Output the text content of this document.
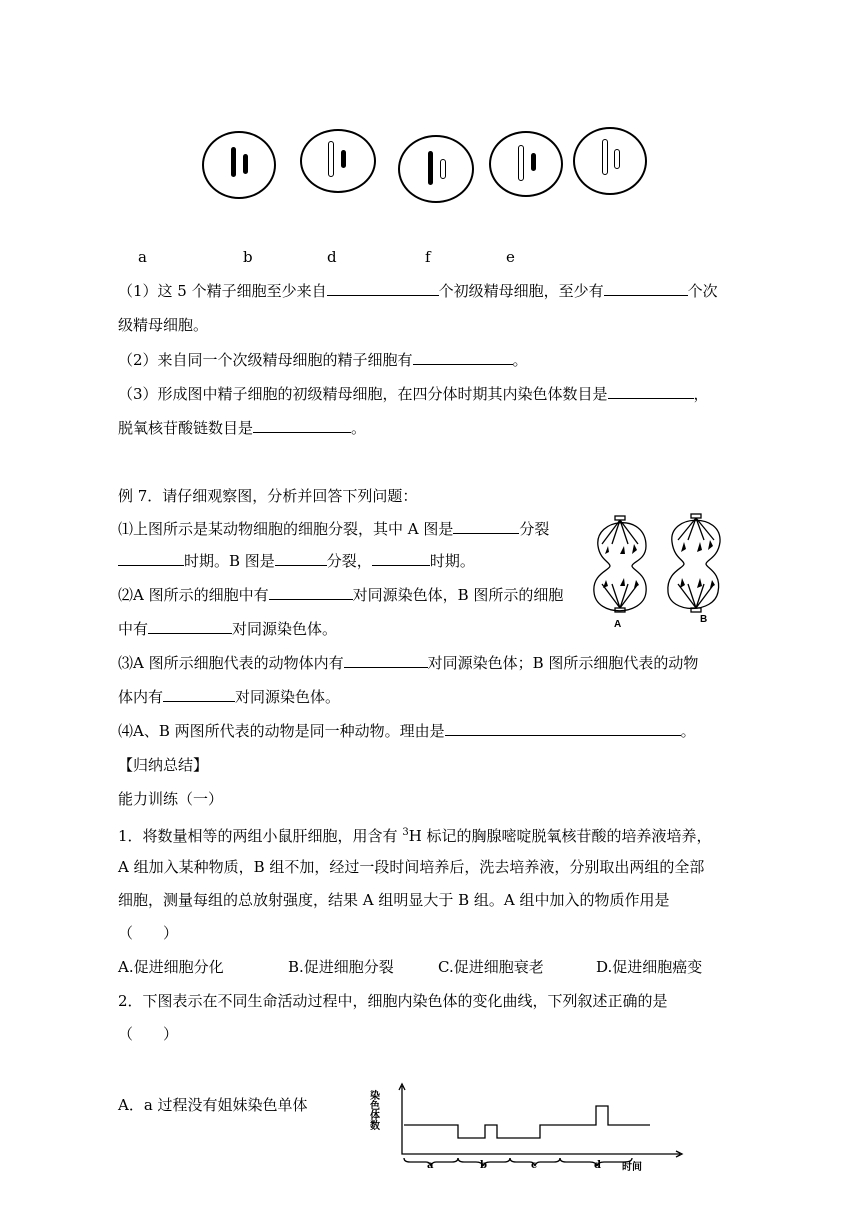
a	b	d	f	e
（1）这 5 个精子细胞至少来自	个初级精母细胞，至少有	个次
级精母细胞。
（2）来自同一个次级精母细胞的精子细胞有	。
（3）形成图中精子细胞的初级精母细胞，在四分体时期其内染色体数目是	，
脱氧核苷酸链数目是	。
例 7．请仔细观察图，分析并回答下列问题：
⑴上图所示是某动物细胞的细胞分裂，其中 A 图是	分裂
时期。B 图是	分裂，	时期。
⑵A 图所示的细胞中有	对同源染色体，B 图所示的细胞
中有	对同源染色体。
⑶A 图所示细胞代表的动物体内有	对同源染色体；B 图所示细胞代表的动物
体内有	对同源染色体。
⑷A、B 两图所代表的动物是同一种动物。理由是	。
A	B
【归纳总结】
能力训练（一）
1．将数量相等的两组小鼠肝细胞，用含有 $^3$H 标记的胸腺嘧啶脱氧核苷酸的培养液培养，
A 组加入某种物质，B 组不加，经过一段时间培养后，洗去培养液，分别取出两组的全部
细胞，测量每组的总放射强度，结果 A 组明显大于 B 组。A 组中加入的物质作用是
（　　）
A.促进细胞分化	B.促进细胞分裂	C.促进细胞衰老	D.促进细胞癌变
2．下图表示在不同生命活动过程中，细胞内染色体的变化曲线，下列叙述正确的是
（　　）
A．a 过程没有姐妹染色单体	染
色
体
数
a	b	c	d 时间
